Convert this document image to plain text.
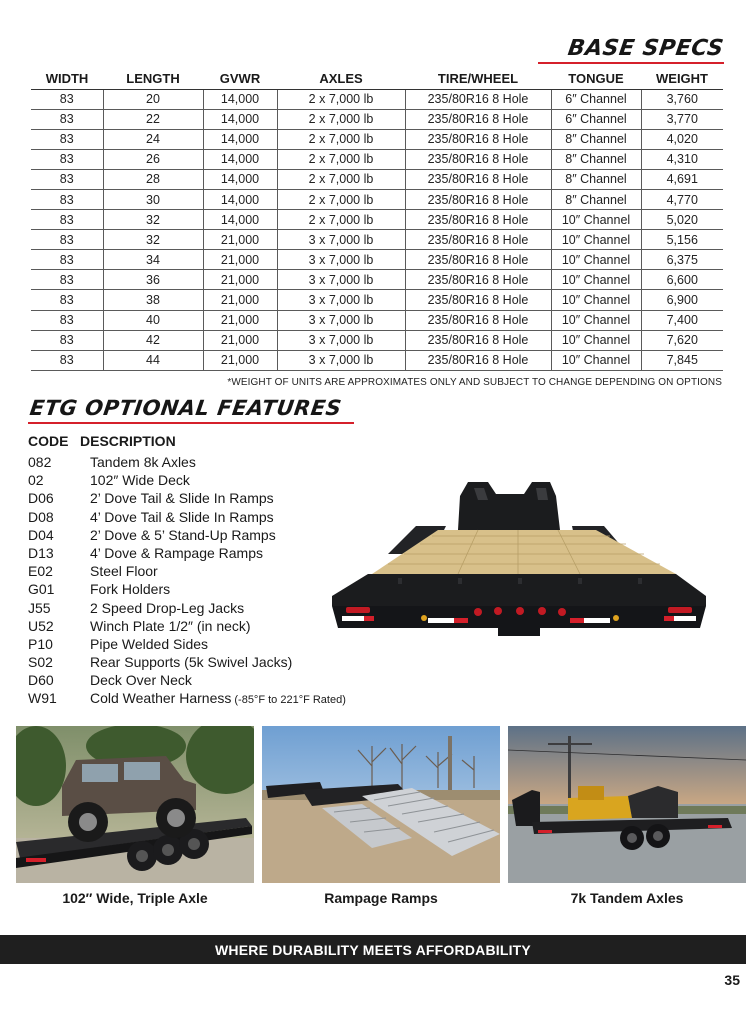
BASE SPECS
WIDTH	LENGTH	GVWR	AXLES	TIRE/WHEEL	TONGUE	WEIGHT
83	20	14,000	2 x 7,000 lb	235/80R16 8 Hole	6″ Channel	3,760
83	22	14,000	2 x 7,000 lb	235/80R16 8 Hole	6″ Channel	3,770
83	24	14,000	2 x 7,000 lb	235/80R16 8 Hole	8″ Channel	4,020
83	26	14,000	2 x 7,000 lb	235/80R16 8 Hole	8″ Channel	4,310
83	28	14,000	2 x 7,000 lb	235/80R16 8 Hole	8″ Channel	4,691
83	30	14,000	2 x 7,000 lb	235/80R16 8 Hole	8″ Channel	4,770
83	32	14,000	2 x 7,000 lb	235/80R16 8 Hole	10″ Channel	5,020
83	32	21,000	3 x 7,000 lb	235/80R16 8 Hole	10″ Channel	5,156
83	34	21,000	3 x 7,000 lb	235/80R16 8 Hole	10″ Channel	6,375
83	36	21,000	3 x 7,000 lb	235/80R16 8 Hole	10″ Channel	6,600
83	38	21,000	3 x 7,000 lb	235/80R16 8 Hole	10″ Channel	6,900
83	40	21,000	3 x 7,000 lb	235/80R16 8 Hole	10″ Channel	7,400
83	42	21,000	3 x 7,000 lb	235/80R16 8 Hole	10″ Channel	7,620
83	44	21,000	3 x 7,000 lb	235/80R16 8 Hole	10″ Channel	7,845
*WEIGHT OF UNITS ARE APPROXIMATES ONLY AND SUBJECT TO CHANGE DEPENDING ON OPTIONS
ETG OPTIONAL FEATURES
CODE DESCRIPTION
082	Tandem 8k Axles
02	102″ Wide Deck
D06	2’ Dove Tail & Slide In Ramps
D08	4’ Dove Tail & Slide In Ramps
D04	2’ Dove & 5’ Stand-Up Ramps
D13	4’ Dove & Rampage Ramps
E02	Steel Floor
G01	Fork Holders
J55	2 Speed Drop-Leg Jacks
U52	Winch Plate 1/2″ (in neck)
P10	Pipe Welded Sides
S02	Rear Supports (5k Swivel Jacks)
D60	Deck Over Neck
W91	Cold Weather Harness (-85°F to 221°F Rated)
102″ Wide, Triple Axle	Rampage Ramps	7k Tandem Axles
WHERE DURABILITY MEETS AFFORDABILITY
35
